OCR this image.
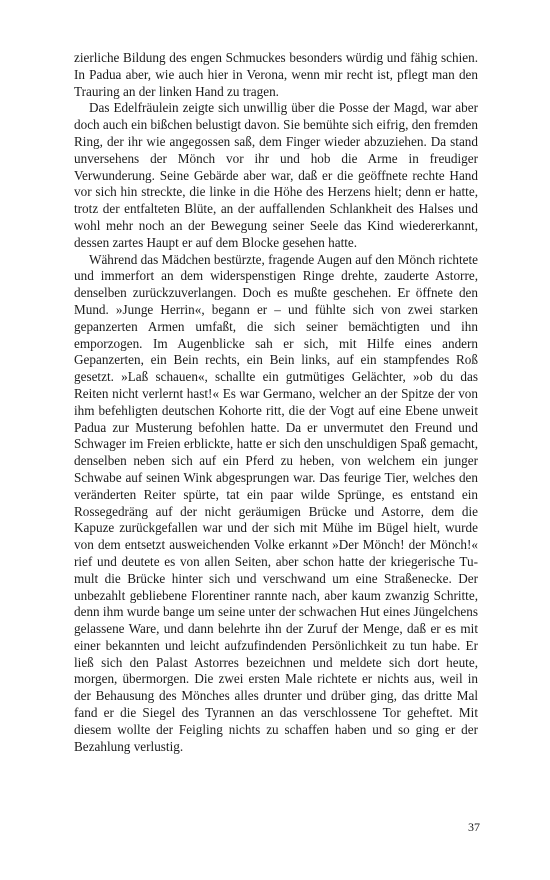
zierliche Bildung des engen Schmuckes besonders würdig und fähig schien. In Padua aber, wie auch hier in Verona, wenn mir recht ist, pflegt man den Trauring an der linken Hand zu tragen.

Das Edelfräulein zeigte sich unwillig über die Posse der Magd, war aber doch auch ein bißchen belustigt davon. Sie bemühte sich eifrig, den fremden Ring, der ihr wie angegossen saß, dem Finger wieder abzuziehen. Da stand unversehens der Mönch vor ihr und hob die Arme in freudiger Verwunderung. Seine Gebärde aber war, daß er die geöffnete rechte Hand vor sich hin streckte, die linke in die Höhe des Herzens hielt; denn er hatte, trotz der entfalteten Blüte, an der auffallenden Schlankheit des Halses und wohl mehr noch an der Bewegung seiner Seele das Kind wiedererkannt, dessen zartes Haupt er auf dem Blocke gesehen hatte.

Während das Mädchen bestürzte, fragende Augen auf den Mönch richtete und immerfort an dem widerspenstigen Ringe drehte, zauderte Astorre, denselben zurückzuverlangen. Doch es mußte geschehen. Er öffnete den Mund. »Junge Herrin«, begann er – und fühlte sich von zwei starken gepanzerten Armen umfaßt, die sich seiner bemächtigten und ihn emporzogen. Im Augenblicke sah er sich, mit Hilfe eines andern Gepanzerten, ein Bein rechts, ein Bein links, auf ein stampfendes Roß gesetzt. »Laß schauen«, schallte ein gutmütiges Gelächter, »ob du das Reiten nicht verlernt hast!« Es war Germano, welcher an der Spitze der von ihm befehligten deutschen Kohorte ritt, die der Vogt auf eine Ebene unweit Padua zur Musterung befohlen hatte. Da er unvermutet den Freund und Schwager im Freien erblickte, hatte er sich den unschuldigen Spaß gemacht, denselben neben sich auf ein Pferd zu heben, von welchem ein junger Schwabe auf seinen Wink abgesprungen war. Das feurige Tier, welches den veränderten Reiter spürte, tat ein paar wilde Sprünge, es entstand ein Rossegedräng auf der nicht geräumigen Brücke und Astorre, dem die Kapuze zurückgefallen war und der sich mit Mühe im Bügel hielt, wurde von dem entsetzt ausweichenden Volke erkannt »Der Mönch! der Mönch!« rief und deutete es von allen Seiten, aber schon hatte der kriegerische Tumult die Brücke hinter sich und verschwand um eine Straßenecke. Der unbezahlt gebliebene Florentiner rannte nach, aber kaum zwanzig Schritte, denn ihm wurde bange um seine unter der schwachen Hut eines Jüngelchens gelassene Ware, und dann belehrte ihn der Zuruf der Menge, daß er es mit einer bekannten und leicht aufzufindenden Persönlichkeit zu tun habe. Er ließ sich den Palast Astorres bezeichnen und meldete sich dort heute, morgen, übermorgen. Die zwei ersten Male richtete er nichts aus, weil in der Behausung des Mönches alles drunter und drüber ging, das dritte Mal fand er die Siegel des Tyrannen an das verschlossene Tor geheftet. Mit diesem wollte der Feigling nichts zu schaffen haben und so ging er der Bezahlung verlustig.

37
